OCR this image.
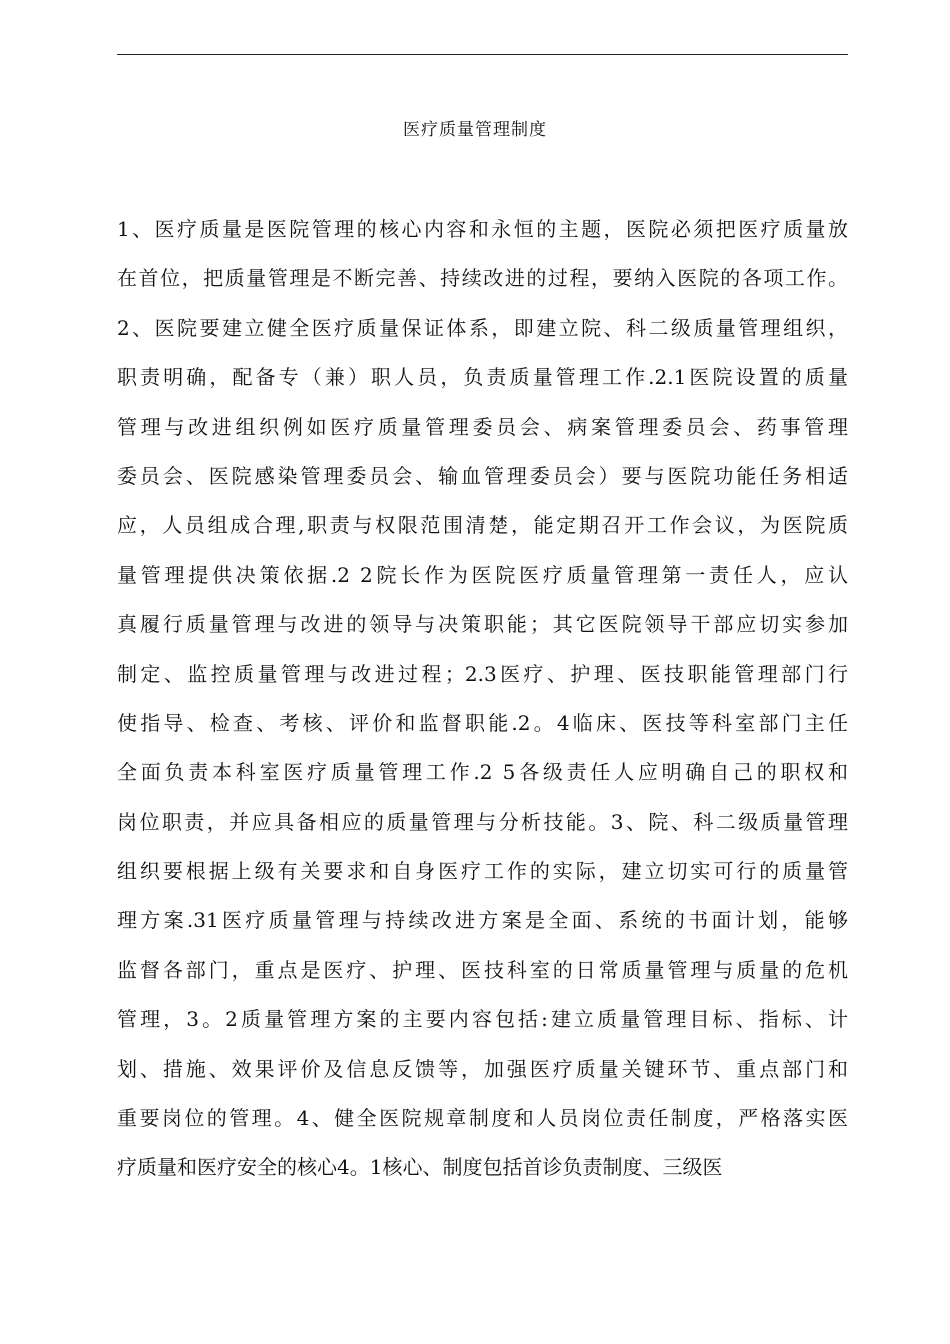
医疗质量管理制度
1、医疗质量是医院管理的核心内容和永恒的主题，医院必须把医疗质量放
在首位，把质量管理是不断完善、持续改进的过程，要纳入医院的各项工作。
2、医院要建立健全医疗质量保证体系，即建立院、科二级质量管理组织，
职责明确，配备专（兼）职人员，负责质量管理工作.2.1医院设置的质量
管理与改进组织例如医疗质量管理委员会、病案管理委员会、药事管理
委员会、医院感染管理委员会、输血管理委员会）要与医院功能任务相适
应，人员组成合理,职责与权限范围清楚，能定期召开工作会议，为医院质
量管理提供决策依据.2 2院长作为医院医疗质量管理第一责任人，应认
真履行质量管理与改进的领导与决策职能；其它医院领导干部应切实参加
制定、监控质量管理与改进过程；2.3医疗、护理、医技职能管理部门行
使指导、检查、考核、评价和监督职能.2。4临床、医技等科室部门主任
全面负责本科室医疗质量管理工作.2 5各级责任人应明确自己的职权和
岗位职责，并应具备相应的质量管理与分析技能。3、院、科二级质量管理
组织要根据上级有关要求和自身医疗工作的实际，建立切实可行的质量管
理方案.31医疗质量管理与持续改进方案是全面、系统的书面计划，能够
监督各部门，重点是医疗、护理、医技科室的日常质量管理与质量的危机
管理，3。2质量管理方案的主要内容包括:建立质量管理目标、指标、计
划、措施、效果评价及信息反馈等，加强医疗质量关键环节、重点部门和
重要岗位的管理。4、健全医院规章制度和人员岗位责任制度，严格落实医
疗质量和医疗安全的核心4。1核心、制度包括首诊负责制度、三级医
